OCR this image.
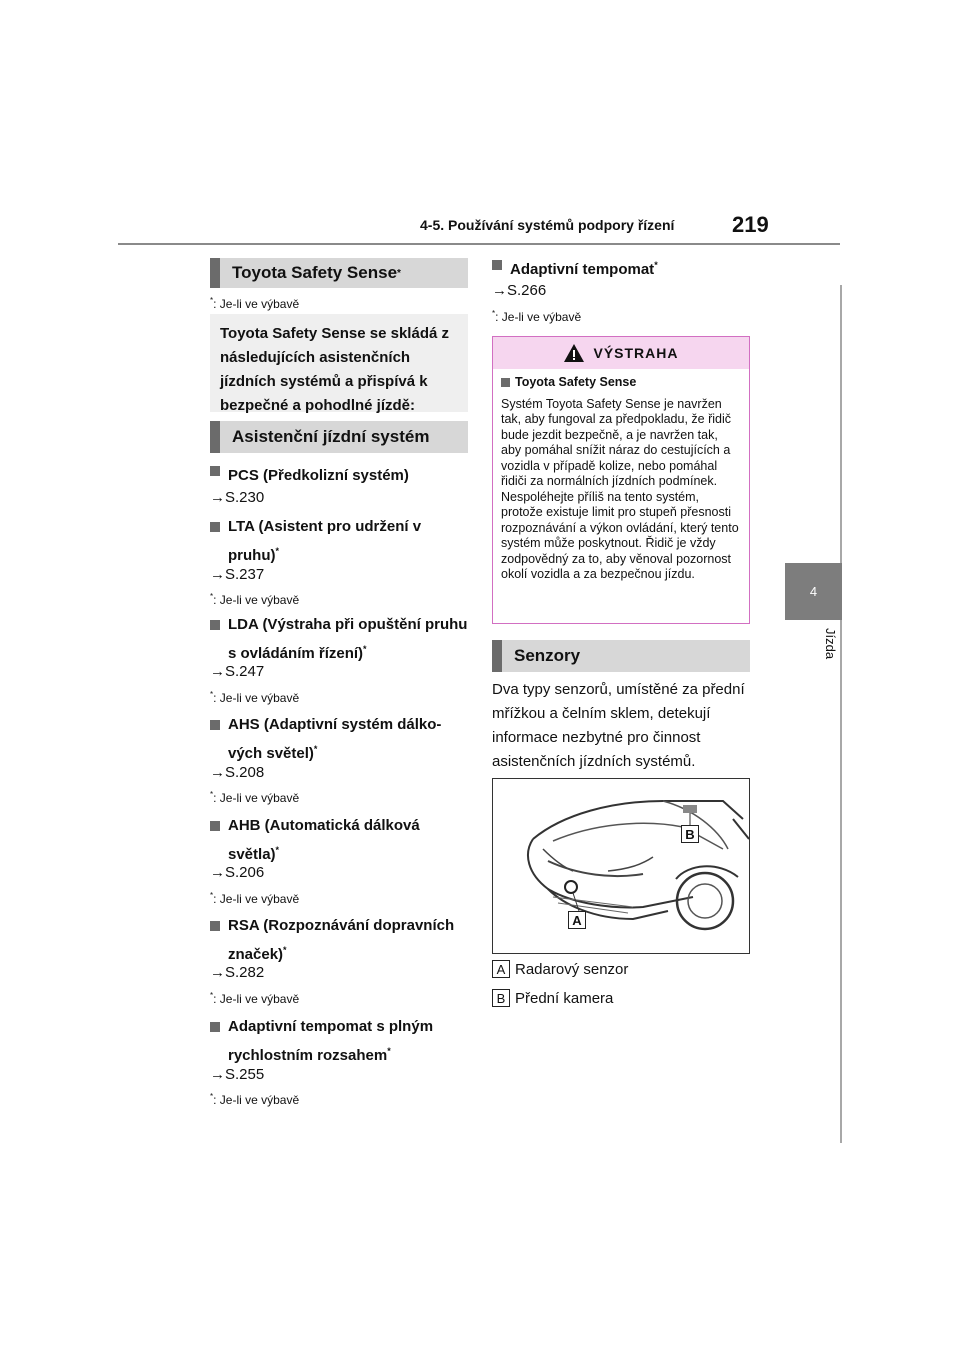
4-5. Používání systémů podpory řízení	219
4
Jízda
Toyota Safety Sense *
*: Je-li ve výbavě
Toyota Safety Sense se skládá z následujících asistenčních jízdních systémů a přispívá k bezpečné a pohodlné jízdě:
Asistenční jízdní systém
PCS (Předkolizní systém)
→S.230
LTA (Asistent pro udržení v pruhu)*
→S.237
*: Je-li ve výbavě
LDA (Výstraha při opuštění pruhu s ovládáním řízení)*
→S.247
*: Je-li ve výbavě
AHS (Adaptivní systém dálkových světel)*
→S.208
*: Je-li ve výbavě
AHB (Automatická dálková světla)*
→S.206
*: Je-li ve výbavě
RSA (Rozpoznávání dopravních značek)*
→S.282
*: Je-li ve výbavě
Adaptivní tempomat s plným rychlostním rozsahem*
→S.255
*: Je-li ve výbavě
Adaptivní tempomat*
→S.266
*: Je-li ve výbavě
VÝSTRAHA
Toyota Safety Sense
Systém Toyota Safety Sense je navržen tak, aby fungoval za předpokladu, že řidič bude jezdit bezpečně, a je navržen tak, aby pomáhal snížit náraz do cestujících a vozidla v případě kolize, nebo pomáhal řidiči za normálních jízdních podmínek. Nespoléhejte příliš na tento systém, protože existuje limit pro stupeň přesnosti rozpoznávání a výkon ovládání, který tento systém může poskytnout. Řidič je vždy zodpovědný za to, aby věnoval pozornost okolí vozidla a za bezpečnou jízdu.
Senzory
Dva typy senzorů, umístěné za přední mřížkou a čelním sklem, detekují informace nezbytné pro činnost asistenčních jízdních systémů.
B
A
A Radarový senzor
B Přední kamera
